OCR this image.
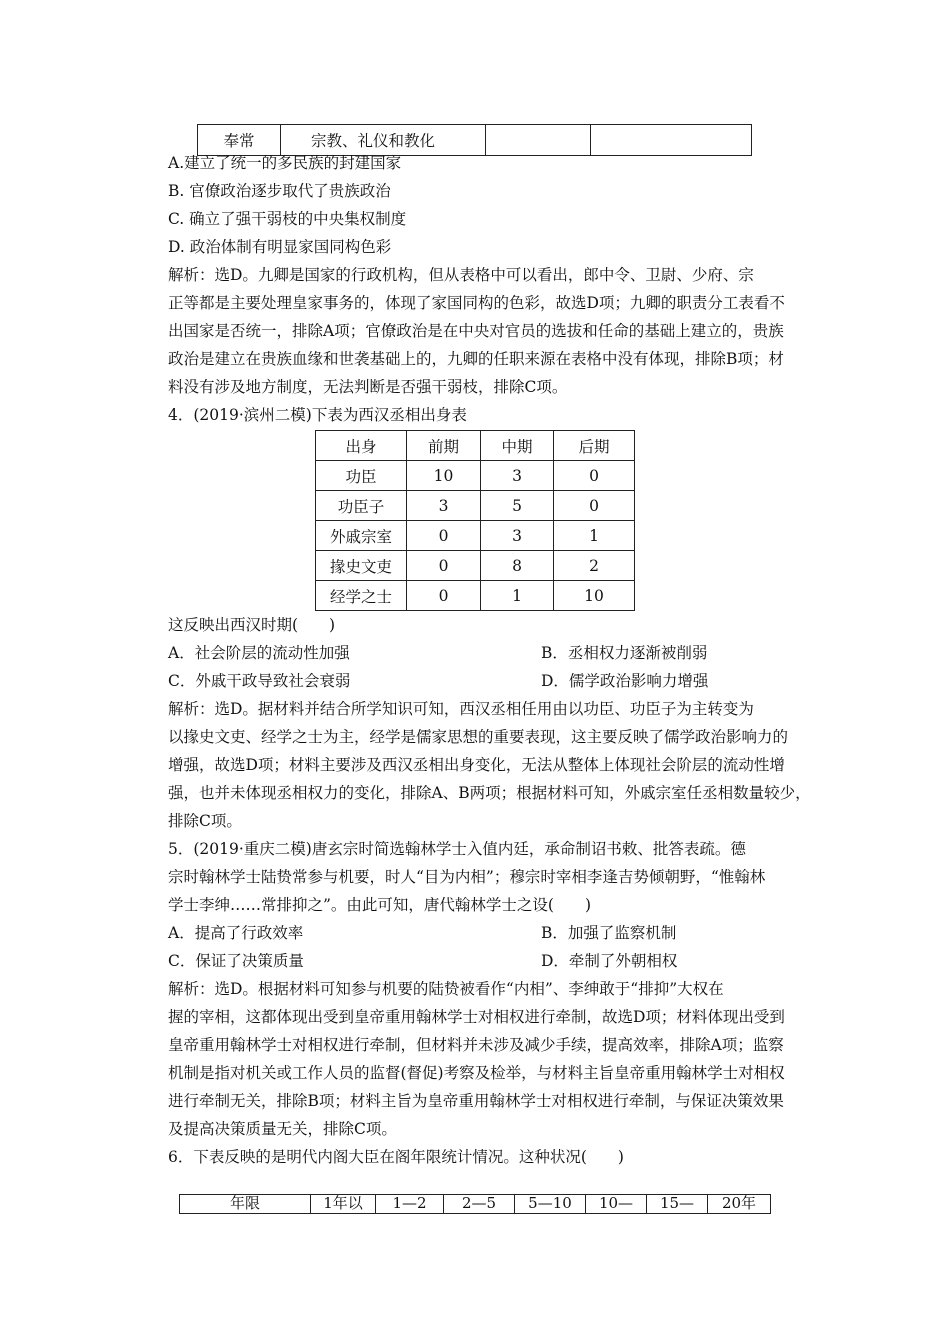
奉常	宗教、礼仪和教化		
A.建立了统一的多民族的封建国家
B. 官僚政治逐步取代了贵族政治
C. 确立了强干弱枝的中央集权制度
D. 政治体制有明显家国同构色彩
解析：选D。九卿是国家的行政机构，但从表格中可以看出，郎中令、卫尉、少府、宗
正等都是主要处理皇家事务的，体现了家国同构的色彩，故选D项；九卿的职责分工表看不
出国家是否统一，排除A项；官僚政治是在中央对官员的选拔和任命的基础上建立的，贵族
政治是建立在贵族血缘和世袭基础上的，九卿的任职来源在表格中没有体现，排除B项；材
料没有涉及地方制度，无法判断是否强干弱枝，排除C项。
4．(2019·滨州二模)下表为西汉丞相出身表
出身	前期	中期	后期
功臣	10	3	0
功臣子	3	5	0
外戚宗室	0	3	1
掾史文吏	0	8	2
经学之士	0	1	10
这反映出西汉时期(　　)
A．社会阶层的流动性加强	B．丞相权力逐渐被削弱
C．外戚干政导致社会衰弱	D．儒学政治影响力增强
解析：选D。据材料并结合所学知识可知，西汉丞相任用由以功臣、功臣子为主转变为
以掾史文吏、经学之士为主，经学是儒家思想的重要表现，这主要反映了儒学政治影响力的
增强，故选D项；材料主要涉及西汉丞相出身变化，无法从整体上体现社会阶层的流动性增
强，也并未体现丞相权力的变化，排除A、B两项；根据材料可知，外戚宗室任丞相数量较少，
排除C项。
5．(2019·重庆二模)唐玄宗时简选翰林学士入值内廷，承命制诏书敕、批答表疏。德
宗时翰林学士陆贽常参与机要，时人“目为内相”；穆宗时宰相李逢吉势倾朝野，“惟翰林
学士李绅……常排抑之”。由此可知，唐代翰林学士之设(　　)
A．提高了行政效率	B．加强了监察机制
C．保证了决策质量	D．牵制了外朝相权
解析：选D。根据材料可知参与机要的陆贽被看作“内相”、李绅敢于“排抑”大权在
握的宰相，这都体现出受到皇帝重用翰林学士对相权进行牵制，故选D项；材料体现出受到
皇帝重用翰林学士对相权进行牵制，但材料并未涉及减少手续，提高效率，排除A项；监察
机制是指对机关或工作人员的监督(督促)考察及检举，与材料主旨皇帝重用翰林学士对相权
进行牵制无关，排除B项；材料主旨为皇帝重用翰林学士对相权进行牵制，与保证决策效果
及提高决策质量无关，排除C项。
6．下表反映的是明代内阁大臣在阁年限统计情况。这种状况(　　)
年限	1年以	1—2	2—5	5—10	10—	15—	20年
